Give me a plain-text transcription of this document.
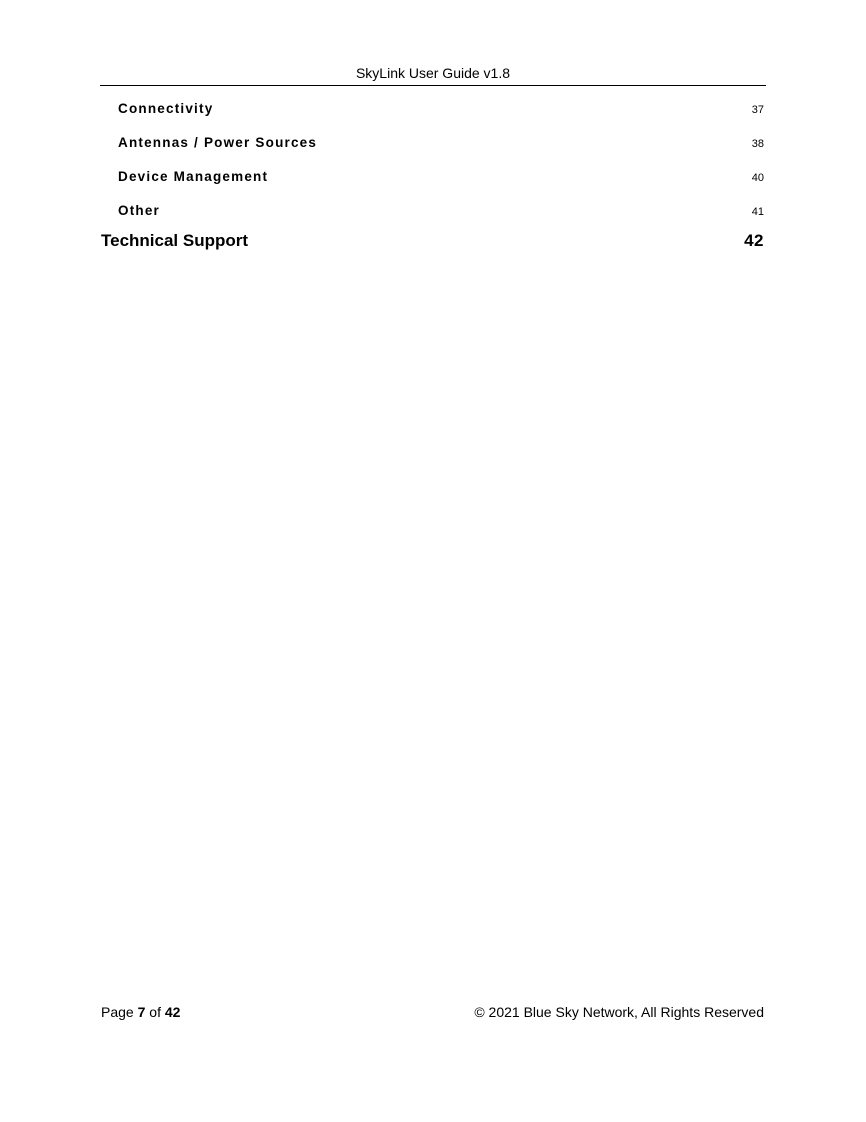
SkyLink User Guide v1.8
Connectivity .....	37
Antennas / Power Sources .....	38
Device Management .....	40
Other .....	41
Technical Support .....	42
Page 7 of 42	© 2021 Blue Sky Network, All Rights Reserved
